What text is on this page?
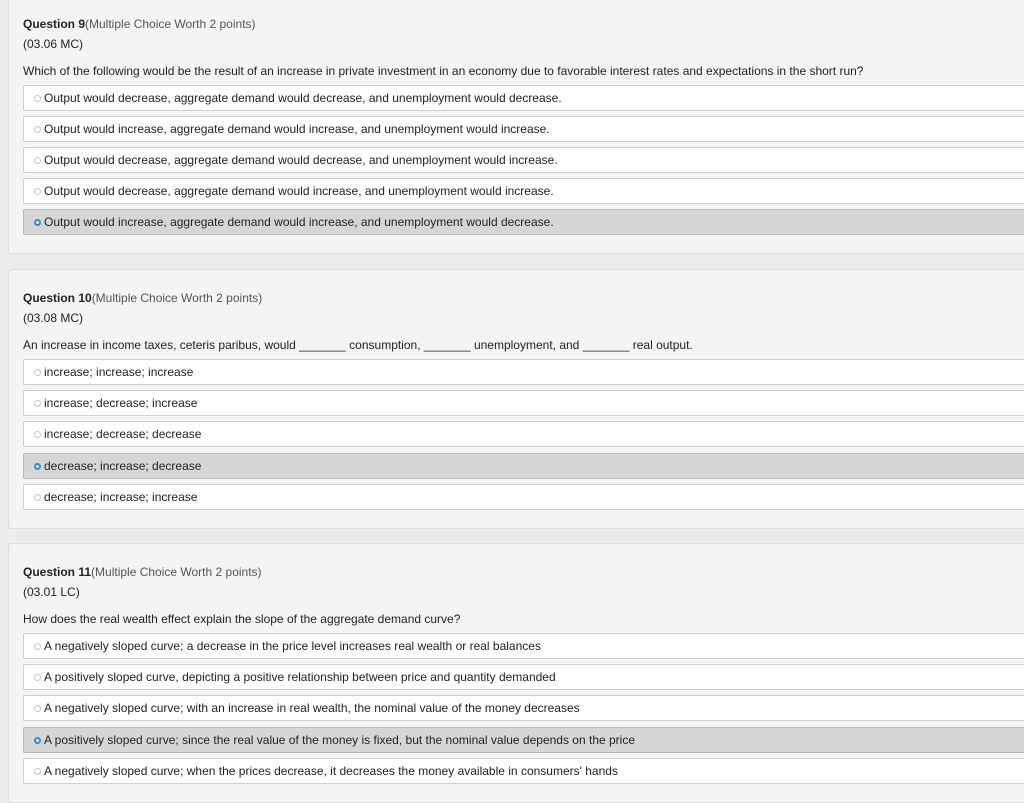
Question 9(Multiple Choice Worth 2 points)
(03.06 MC)
Which of the following would be the result of an increase in private investment in an economy due to favorable interest rates and expectations in the short run?
Output would decrease, aggregate demand would decrease, and unemployment would decrease.
Output would increase, aggregate demand would increase, and unemployment would increase.
Output would decrease, aggregate demand would decrease, and unemployment would increase.
Output would decrease, aggregate demand would increase, and unemployment would increase.
Output would increase, aggregate demand would increase, and unemployment would decrease.
Question 10(Multiple Choice Worth 2 points)
(03.08 MC)
An increase in income taxes, ceteris paribus, would _______ consumption, _______ unemployment, and _______ real output.
increase; increase; increase
increase; decrease; increase
increase; decrease; decrease
decrease; increase; decrease
decrease; increase; increase
Question 11(Multiple Choice Worth 2 points)
(03.01 LC)
How does the real wealth effect explain the slope of the aggregate demand curve?
A negatively sloped curve; a decrease in the price level increases real wealth or real balances
A positively sloped curve, depicting a positive relationship between price and quantity demanded
A negatively sloped curve; with an increase in real wealth, the nominal value of the money decreases
A positively sloped curve; since the real value of the money is fixed, but the nominal value depends on the price
A negatively sloped curve; when the prices decrease, it decreases the money available in consumers' hands
